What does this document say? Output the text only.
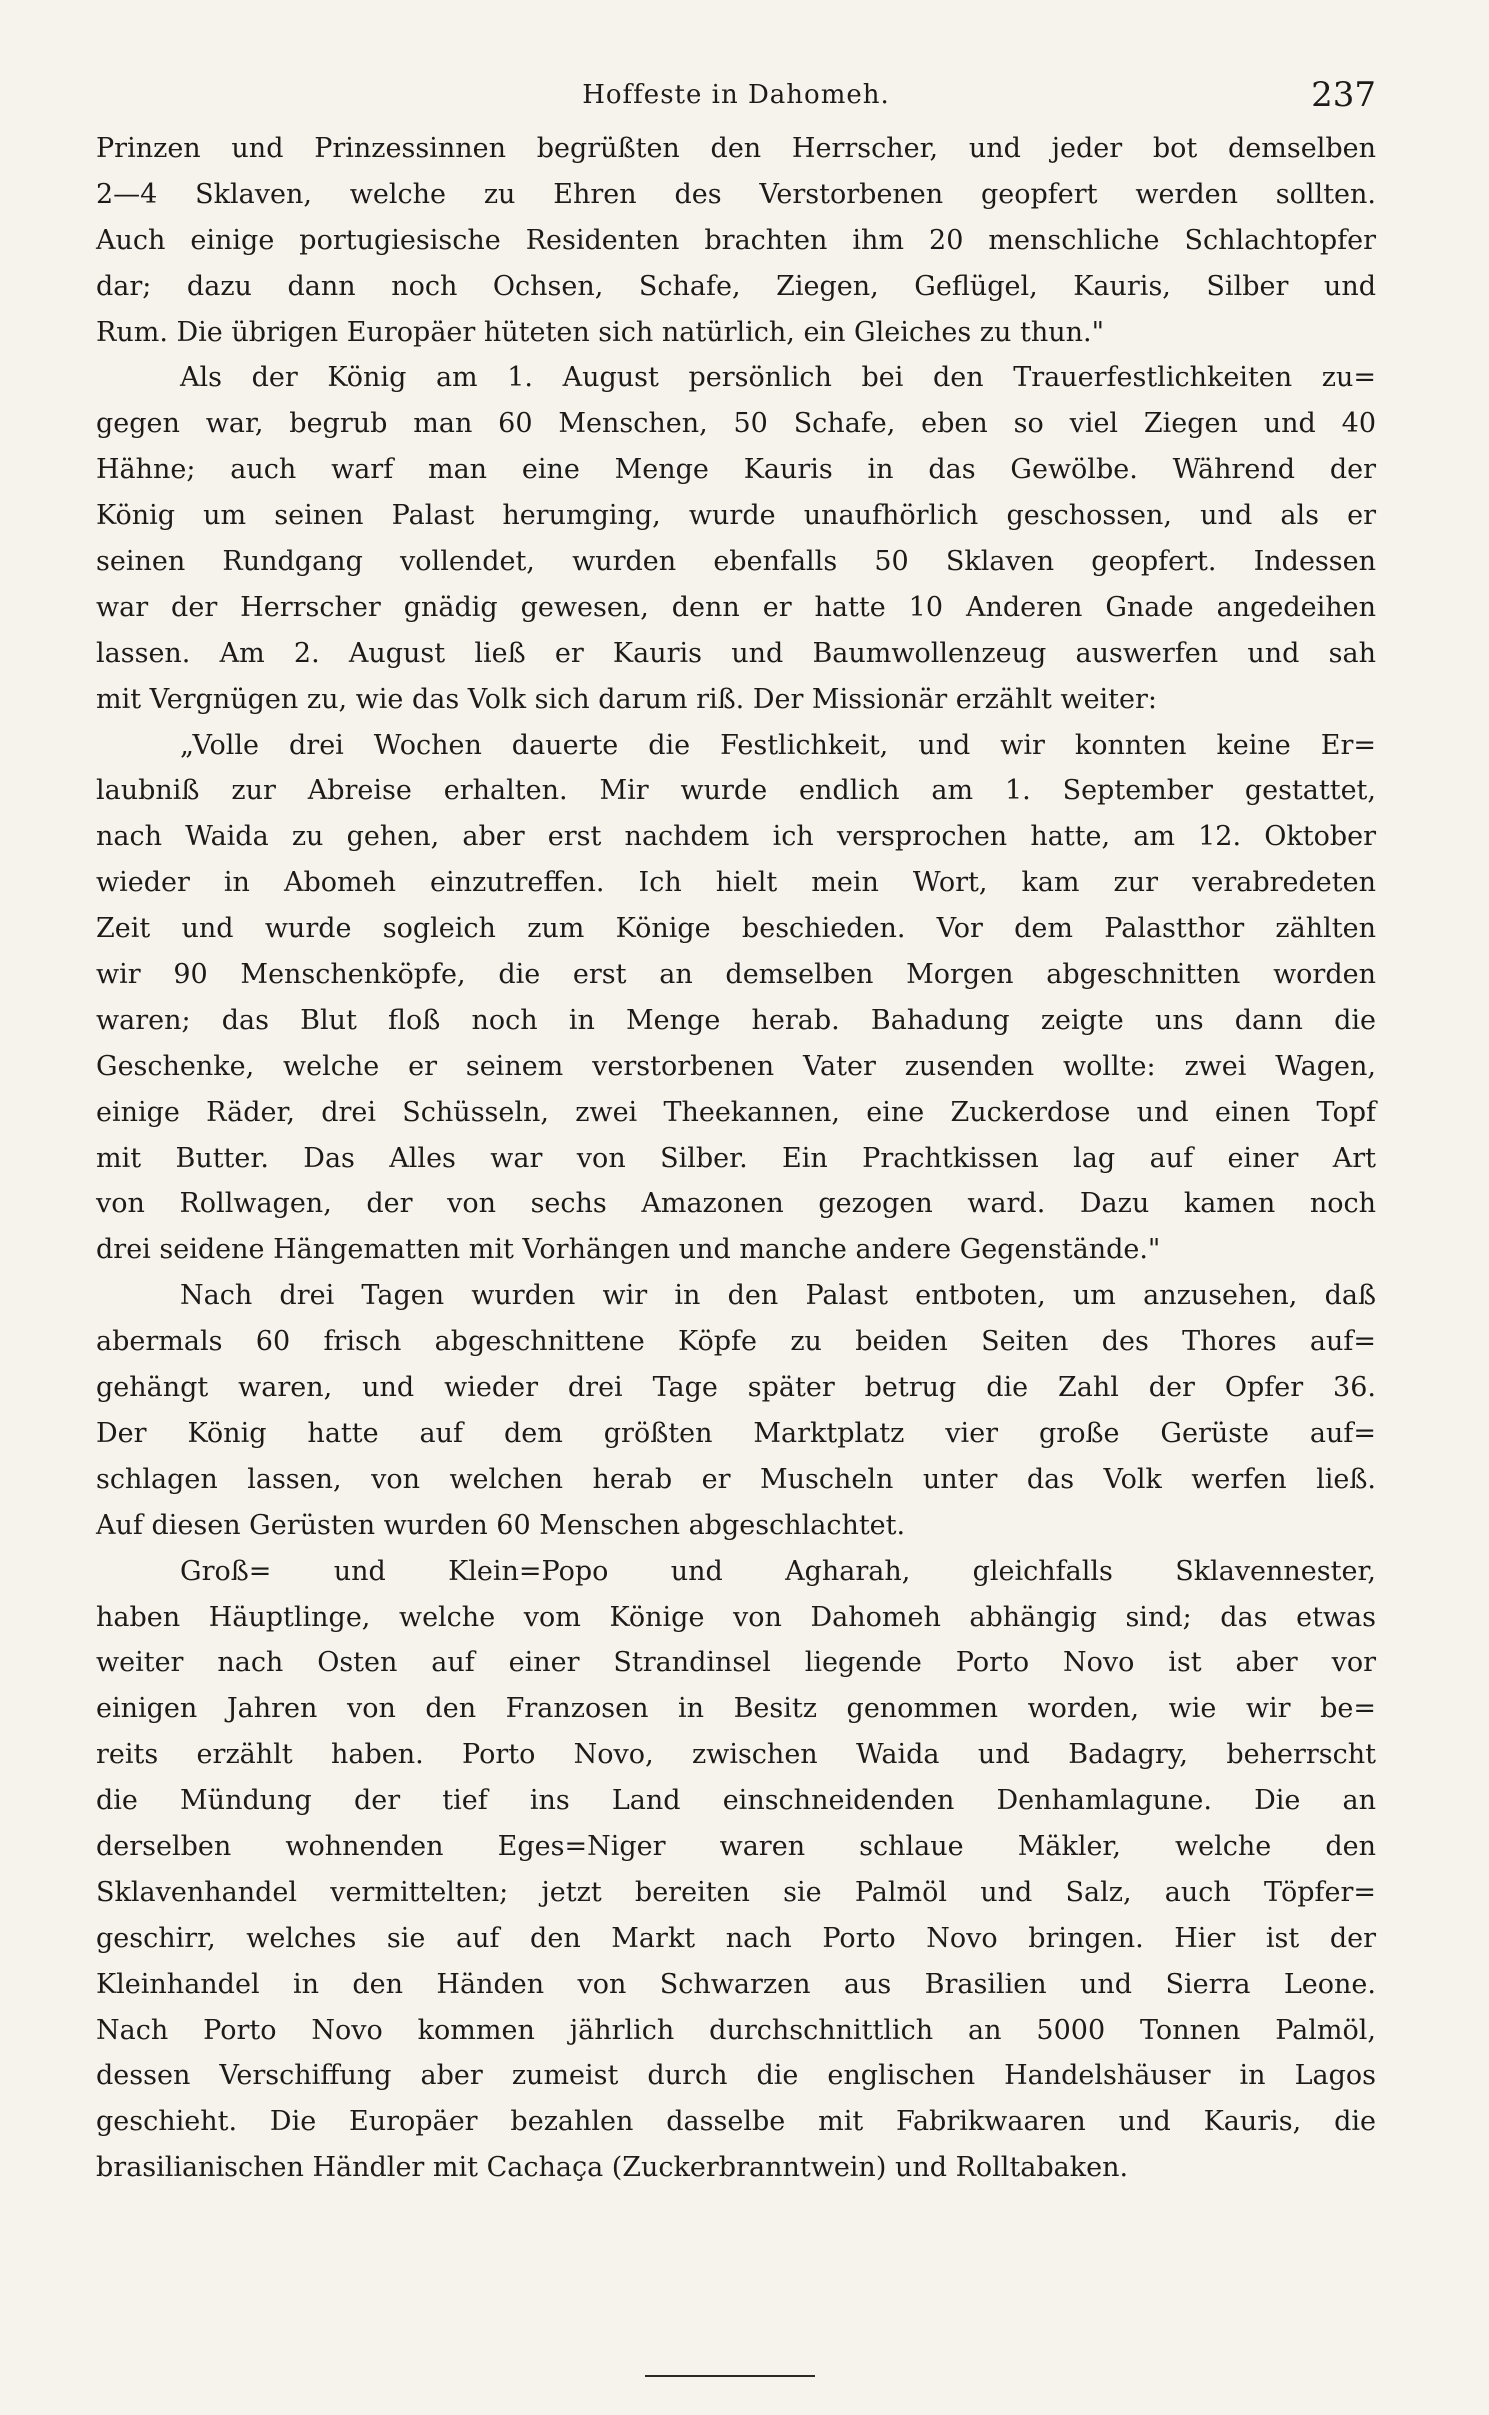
Hoffeste in Dahomeh.	237
Prinzen und Prinzessinnen begrüßten den Herrscher, und jeder bot demselben
2—4 Sklaven, welche zu Ehren des Verstorbenen geopfert werden sollten.
Auch einige portugiesische Residenten brachten ihm 20 menschliche Schlachtopfer
dar; dazu dann noch Ochsen, Schafe, Ziegen, Geflügel, Kauris, Silber und
Rum. Die übrigen Europäer hüteten sich natürlich, ein Gleiches zu thun."
Als der König am 1. August persönlich bei den Trauerfestlichkeiten zu=
gegen war, begrub man 60 Menschen, 50 Schafe, eben so viel Ziegen und 40
Hähne; auch warf man eine Menge Kauris in das Gewölbe. Während der
König um seinen Palast herumging, wurde unaufhörlich geschossen, und als er
seinen Rundgang vollendet, wurden ebenfalls 50 Sklaven geopfert. Indessen
war der Herrscher gnädig gewesen, denn er hatte 10 Anderen Gnade angedeihen
lassen. Am 2. August ließ er Kauris und Baumwollenzeug auswerfen und sah
mit Vergnügen zu, wie das Volk sich darum riß. Der Missionär erzählt weiter:
„Volle drei Wochen dauerte die Festlichkeit, und wir konnten keine Er=
laubniß zur Abreise erhalten. Mir wurde endlich am 1. September gestattet,
nach Waida zu gehen, aber erst nachdem ich versprochen hatte, am 12. Oktober
wieder in Abomeh einzutreffen. Ich hielt mein Wort, kam zur verabredeten
Zeit und wurde sogleich zum Könige beschieden. Vor dem Palastthor zählten
wir 90 Menschenköpfe, die erst an demselben Morgen abgeschnitten worden
waren; das Blut floß noch in Menge herab. Bahadung zeigte uns dann die
Geschenke, welche er seinem verstorbenen Vater zusenden wollte: zwei Wagen,
einige Räder, drei Schüsseln, zwei Theekannen, eine Zuckerdose und einen Topf
mit Butter. Das Alles war von Silber. Ein Prachtkissen lag auf einer Art
von Rollwagen, der von sechs Amazonen gezogen ward. Dazu kamen noch
drei seidene Hängematten mit Vorhängen und manche andere Gegenstände."
Nach drei Tagen wurden wir in den Palast entboten, um anzusehen, daß
abermals 60 frisch abgeschnittene Köpfe zu beiden Seiten des Thores auf=
gehängt waren, und wieder drei Tage später betrug die Zahl der Opfer 36.
Der König hatte auf dem größten Marktplatz vier große Gerüste auf=
schlagen lassen, von welchen herab er Muscheln unter das Volk werfen ließ.
Auf diesen Gerüsten wurden 60 Menschen abgeschlachtet.
Groß= und Klein=Popo und Agharah, gleichfalls Sklavennester,
haben Häuptlinge, welche vom Könige von Dahomeh abhängig sind; das etwas
weiter nach Osten auf einer Strandinsel liegende Porto Novo ist aber vor
einigen Jahren von den Franzosen in Besitz genommen worden, wie wir be=
reits erzählt haben. Porto Novo, zwischen Waida und Badagry, beherrscht
die Mündung der tief ins Land einschneidenden Denhamlagune. Die an
derselben wohnenden Eges=Niger waren schlaue Mäkler, welche den
Sklavenhandel vermittelten; jetzt bereiten sie Palmöl und Salz, auch Töpfer=
geschirr, welches sie auf den Markt nach Porto Novo bringen. Hier ist der
Kleinhandel in den Händen von Schwarzen aus Brasilien und Sierra Leone.
Nach Porto Novo kommen jährlich durchschnittlich an 5000 Tonnen Palmöl,
dessen Verschiffung aber zumeist durch die englischen Handelshäuser in Lagos
geschieht. Die Europäer bezahlen dasselbe mit Fabrikwaaren und Kauris, die
brasilianischen Händler mit Cachaça (Zuckerbranntwein) und Rolltabaken.
